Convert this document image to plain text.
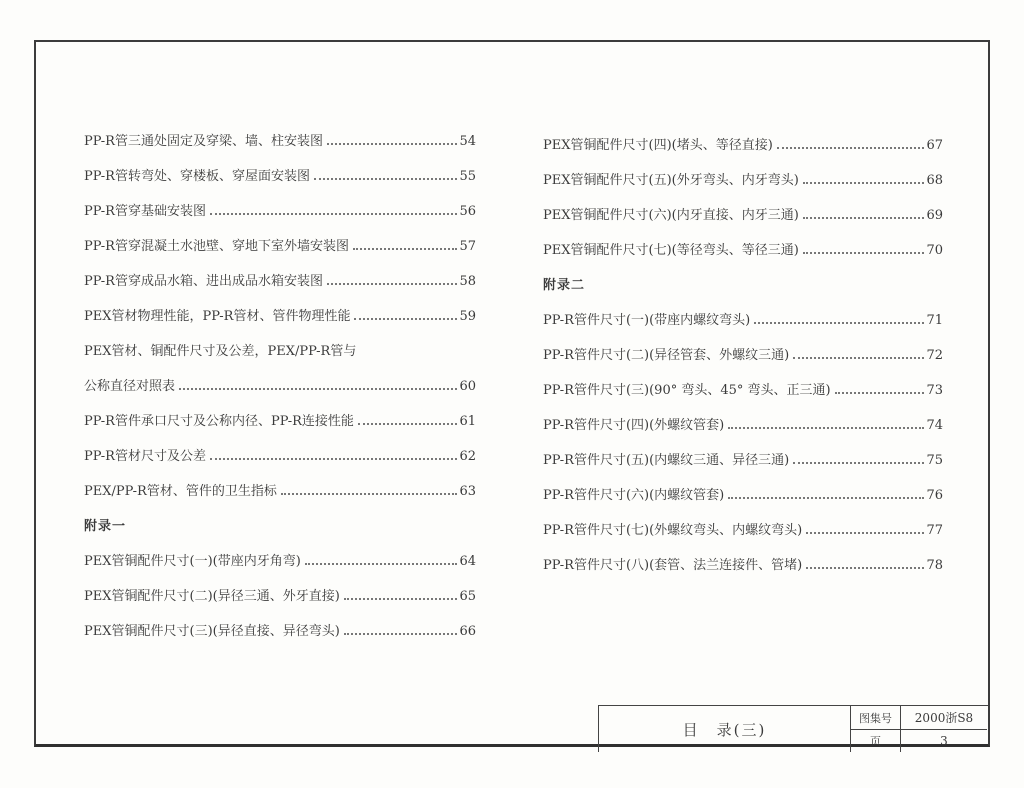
PP-R管三通处固定及穿梁、墙、柱安装图	54
PP-R管转弯处、穿楼板、穿屋面安装图	55
PP-R管穿基础安装图	56
PP-R管穿混凝土水池壁、穿地下室外墙安装图	57
PP-R管穿成品水箱、进出成品水箱安装图	58
PEX管材物理性能，PP-R管材、管件物理性能	59
PEX管材、铜配件尺寸及公差，PEX/PP-R管与
公称直径对照表	60
PP-R管件承口尺寸及公称内径、PP-R连接性能	61
PP-R管材尺寸及公差	62
PEX/PP-R管材、管件的卫生指标	63
附录一
PEX管铜配件尺寸(一)(带座内牙角弯)	64
PEX管铜配件尺寸(二)(异径三通、外牙直接)	65
PEX管铜配件尺寸(三)(异径直接、异径弯头)	66
PEX管铜配件尺寸(四)(堵头、等径直接)	67
PEX管铜配件尺寸(五)(外牙弯头、内牙弯头)	68
PEX管铜配件尺寸(六)(内牙直接、内牙三通)	69
PEX管铜配件尺寸(七)(等径弯头、等径三通)	70
附录二
PP-R管件尺寸(一)(带座内螺纹弯头)	71
PP-R管件尺寸(二)(异径管套、外螺纹三通)	72
PP-R管件尺寸(三)(90° 弯头、45° 弯头、正三通)	73
PP-R管件尺寸(四)(外螺纹管套)	74
PP-R管件尺寸(五)(内螺纹三通、异径三通)	75
PP-R管件尺寸(六)(内螺纹管套)	76
PP-R管件尺寸(七)(外螺纹弯头、内螺纹弯头)	77
PP-R管件尺寸(八)(套管、法兰连接件、管堵)	78
目　录(三)
图集号	2000浙S8
页	3
